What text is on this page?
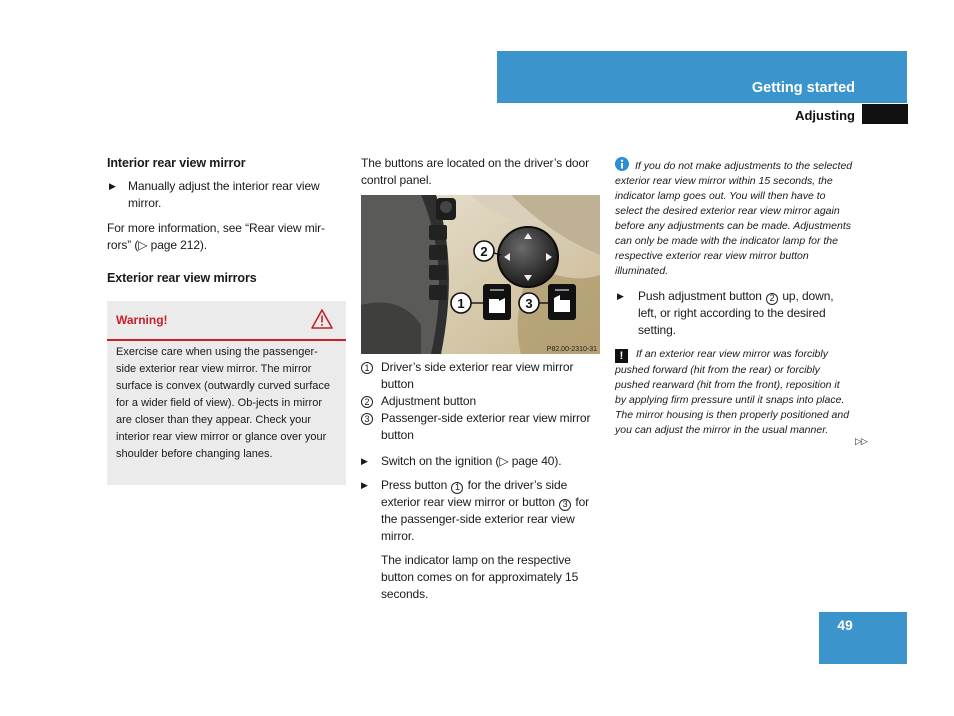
Getting started
Adjusting

Interior rear view mirror

▶	Manually adjust the interior rear view mirror.
For more information, see “Rear view mir-rors” (▷ page 212).

Exterior rear view mirrors

Warning!
Exercise care when using the passenger-side exterior rear view mirror. The mirror surface is convex (outwardly curved surface for a wider field of view). Ob-jects in mirror are closer than they appear. Check your interior rear view mirror or glance over your shoulder before changing lanes.
The buttons are located on the driver’s door control panel.
2
1	3
P82.00-2310-31
1 Driver’s side exterior rear view mirror button
2 Adjustment button
3 Passenger-side exterior rear view mirror button
▶	Switch on the ignition (▷ page 40).
▶	Press button 1 for the driver’s side exterior rear view mirror or button 3 for the passenger-side exterior rear view mirror.
The indicator lamp on the respective button comes on for approximately 15 seconds.
If you do not make adjustments to the selected exterior rear view mirror within 15 seconds, the indicator lamp goes out. You will then have to select the desired exterior rear view mirror again before any adjustments can be made. Adjustments can only be made with the indicator lamp for the respective exterior rear view mirror button illuminated.
▶	Push adjustment button 2 up, down, left, or right according to the desired setting.
! If an exterior rear view mirror was forcibly pushed forward (hit from the rear) or forcibly pushed rearward (hit from the front), reposition it by applying firm pressure until it snaps into place. The mirror housing is then properly positioned and you can adjust the mirror in the usual manner.
▷▷
49
